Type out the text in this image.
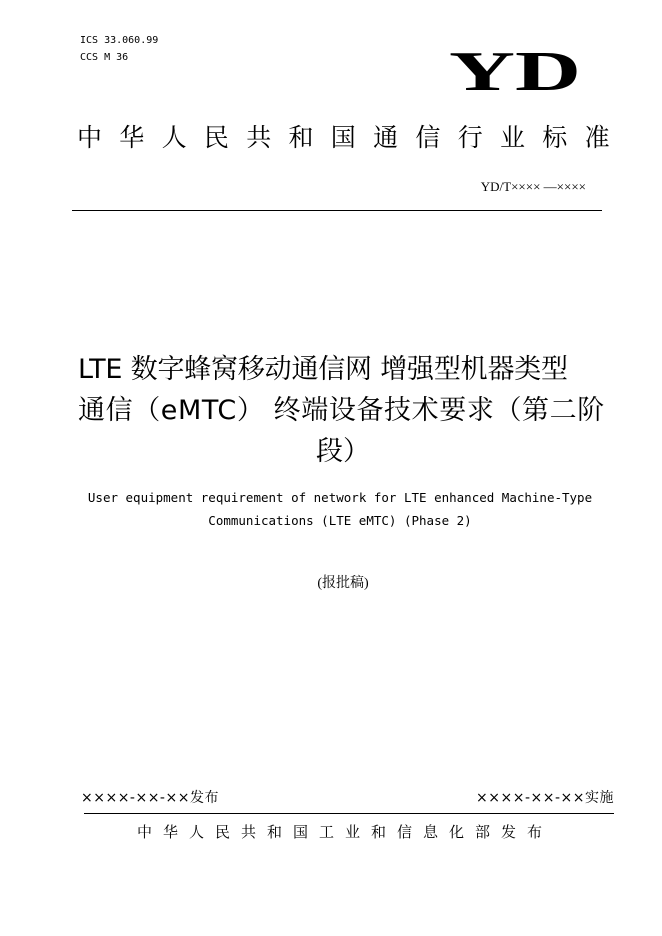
ICS 33.060.99
CCS M 36	YD
中华人民共和国通信行业标准
YD/T×××× —××××
LTE 数字蜂窝移动通信网 增强型机器类型
通信（eMTC） 终端设备技术要求（第二阶
段）
User equipment requirement of network for LTE enhanced Machine-Type
Communications (LTE eMTC) (Phase 2)
(报批稿)
××××-××-××发布	××××-××-××实施
中华人民共和国工业和信息化部发布
